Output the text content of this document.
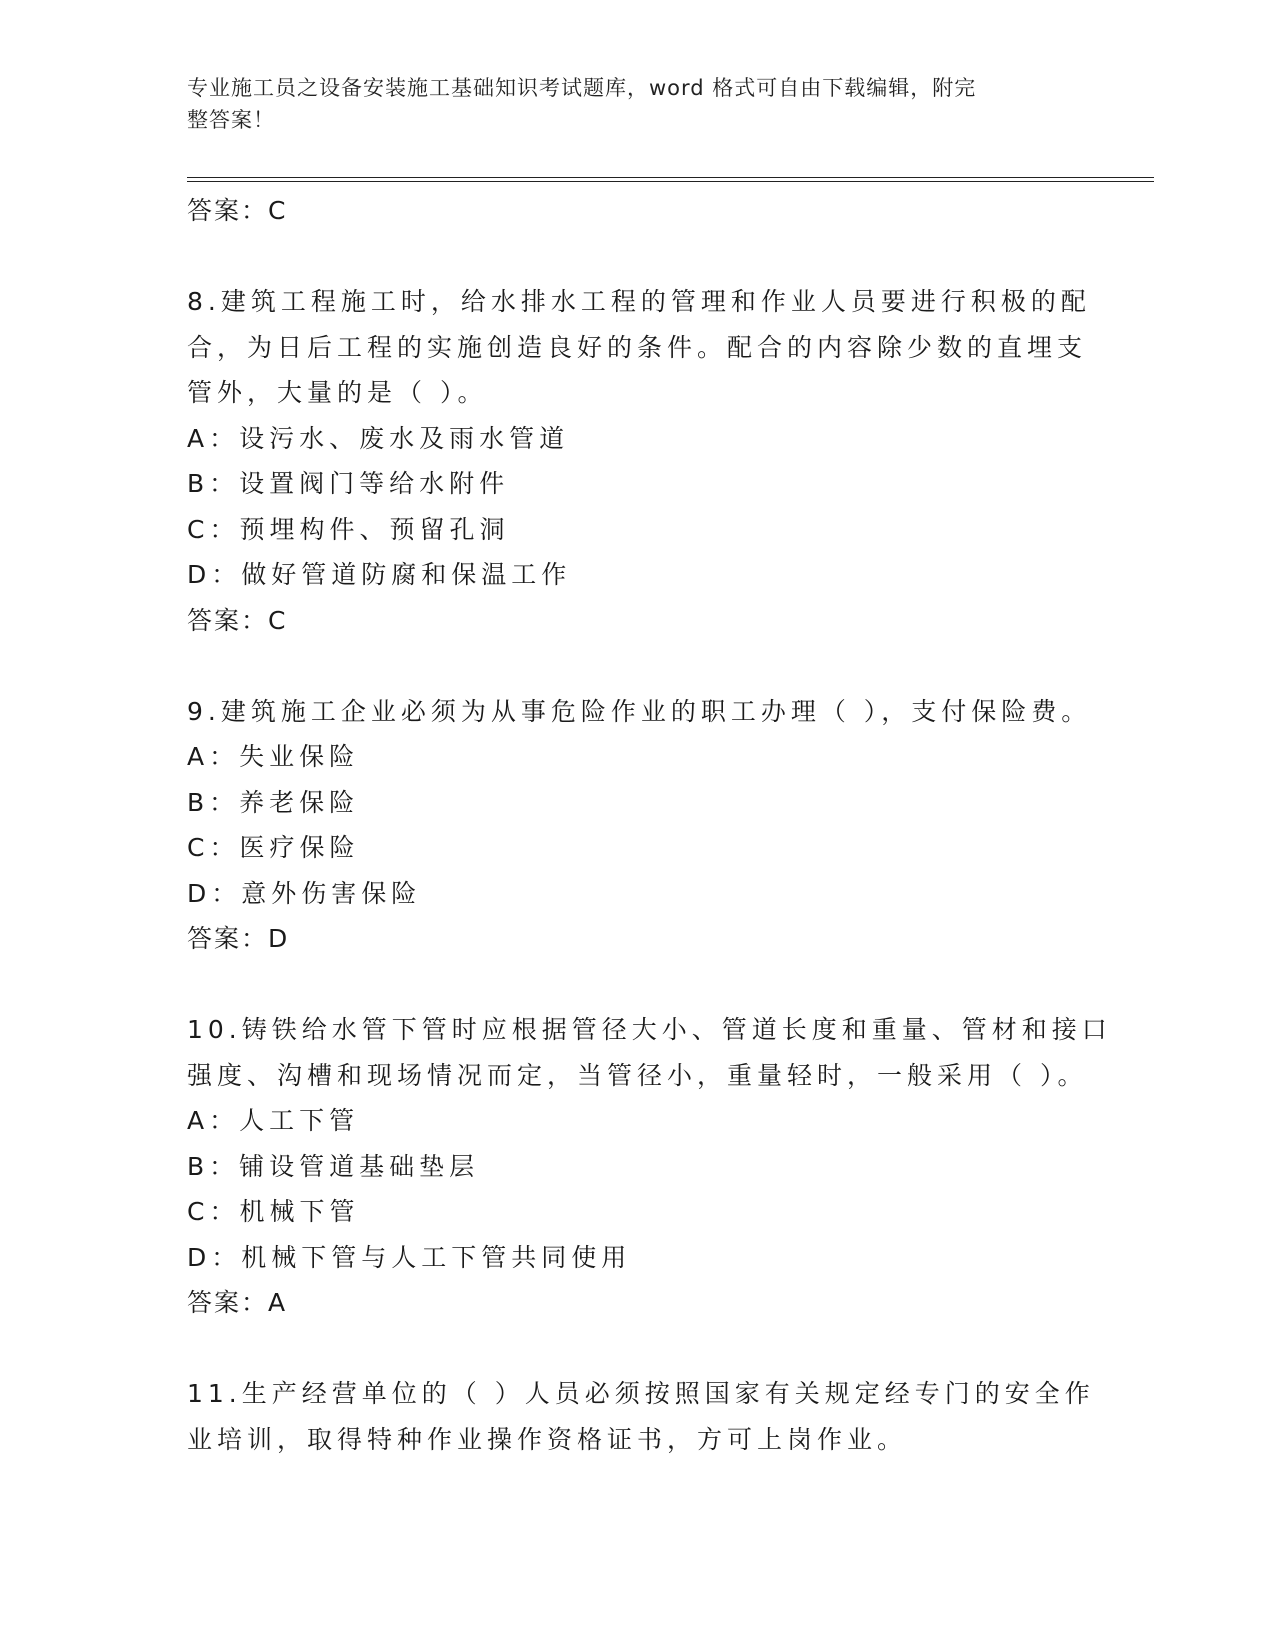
专业施工员之设备安装施工基础知识考试题库，word 格式可自由下载编辑，附完
整答案！
答案：C
8.建筑工程施工时，给水排水工程的管理和作业人员要进行积极的配
合，为日后工程的实施创造良好的条件。配合的内容除少数的直埋支
管外，大量的是（ ）。
A：设污水、废水及雨水管道
B：设置阀门等给水附件
C：预埋构件、预留孔洞
D：做好管道防腐和保温工作
答案：C
9.建筑施工企业必须为从事危险作业的职工办理（ ），支付保险费。
A：失业保险
B：养老保险
C：医疗保险
D：意外伤害保险
答案：D
10.铸铁给水管下管时应根据管径大小、管道长度和重量、管材和接口
强度、沟槽和现场情况而定，当管径小，重量轻时，一般采用（ ）。
A：人工下管
B：铺设管道基础垫层
C：机械下管
D：机械下管与人工下管共同使用
答案：A
11.生产经营单位的（ ）人员必须按照国家有关规定经专门的安全作
业培训，取得特种作业操作资格证书，方可上岗作业。
